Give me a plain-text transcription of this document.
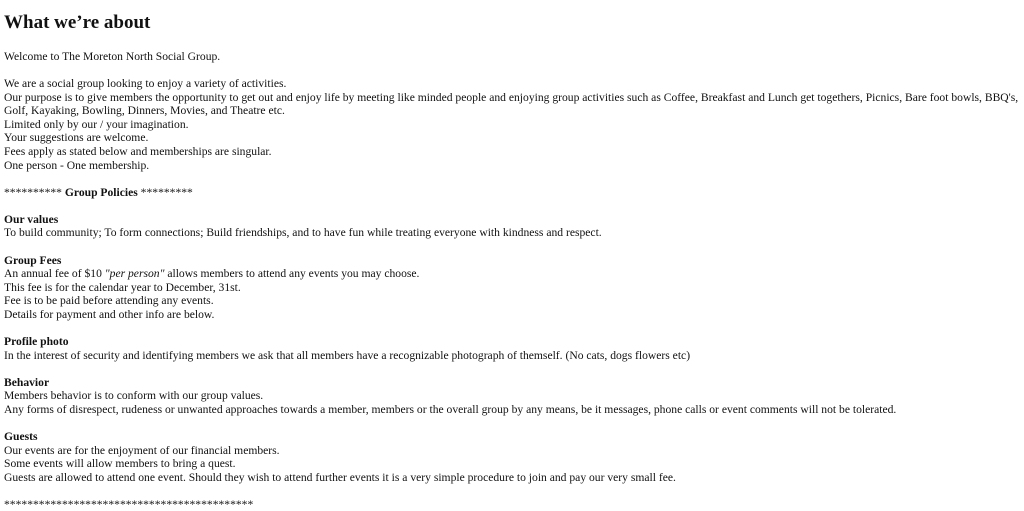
What we’re about
Welcome to The Moreton North Social Group.
We are a social group looking to enjoy a variety of activities.
Our purpose is to give members the opportunity to get out and enjoy life by meeting like minded people and enjoying group activities such as Coffee, Breakfast and Lunch get togethers, Picnics, Bare foot bowls, BBQ's, Golf, Kayaking, Bowling, Dinners, Movies, and Theatre etc.
Limited only by our / your imagination.
Your suggestions are welcome.
Fees apply as stated below and memberships are singular.
One person - One membership.
********** Group Policies *********
Our values
To build community; To form connections; Build friendships, and to have fun while treating everyone with kindness and respect.
Group Fees
An annual fee of $10 "per person" allows members to attend any events you may choose.
This fee is for the calendar year to December, 31st.
Fee is to be paid before attending any events.
Details for payment and other info are below.
Profile photo
In the interest of security and identifying members we ask that all members have a recognizable photograph of themself. (No cats, dogs flowers etc)
Behavior
Members behavior is to conform with our group values.
Any forms of disrespect, rudeness or unwanted approaches towards a member, members or the overall group by any means, be it messages, phone calls or event comments will not be tolerated.
Guests
Our events are for the enjoyment of our financial members.
Some events will allow members to bring a quest.
Guests are allowed to attend one event. Should they wish to attend further events it is a very simple procedure to join and pay our very small fee.
*******************************************
